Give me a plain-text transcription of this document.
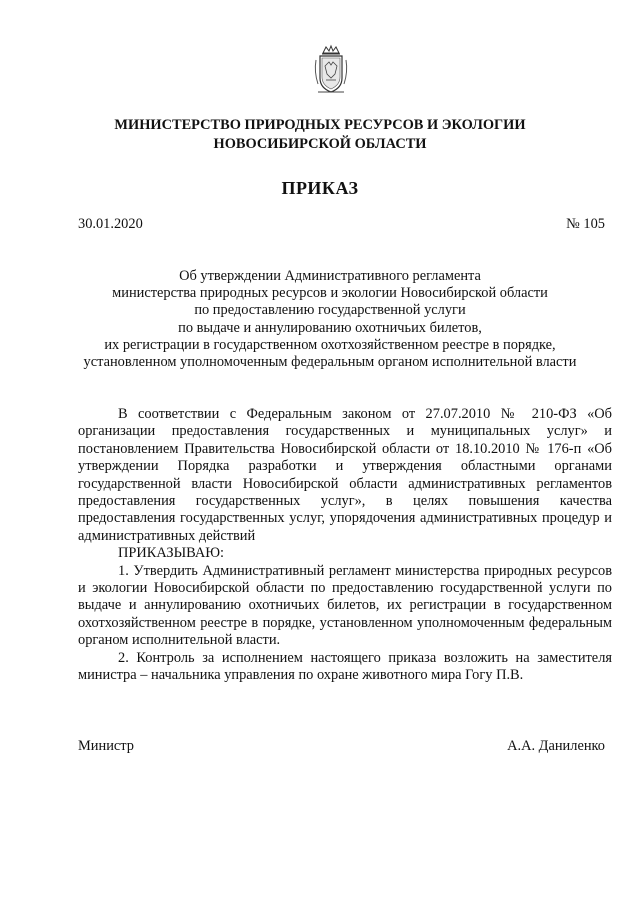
МИНИСТЕРСТВО ПРИРОДНЫХ РЕСУРСОВ И ЭКОЛОГИИ
НОВОСИБИРСКОЙ ОБЛАСТИ
ПРИКАЗ
30.01.2020	№ 105
Об утверждении Административного регламента
министерства природных ресурсов и экологии Новосибирской области
по предоставлению государственной услуги
по выдаче и аннулированию охотничьих билетов,
их регистрации в государственном охотхозяйственном реестре в порядке,
установленном уполномоченным федеральным органом исполнительной власти

В соответствии с Федеральным законом от 27.07.2010 № 210-ФЗ «Об организации предоставления государственных и муниципальных услуг» и постановлением Правительства Новосибирской области от 18.10.2010 № 176-п «Об утверждении Порядка разработки и утверждения областными органами государственной власти Новосибирской области административных регламентов предоставления государственных услуг», в целях повышения качества предоставления государственных услуг, упорядочения административных процедур и административных действий

ПРИКАЗЫВАЮ:

1. Утвердить Административный регламент министерства природных ресурсов и экологии Новосибирской области по предоставлению государственной услуги по выдаче и аннулированию охотничьих билетов, их регистрации в государственном охотхозяйственном реестре в порядке, установленном уполномоченным федеральным органом исполнительной власти.

2. Контроль за исполнением настоящего приказа возложить на заместителя министра – начальника управления по охране животного мира Гогу П.В.

Министр	А.А. Даниленко
